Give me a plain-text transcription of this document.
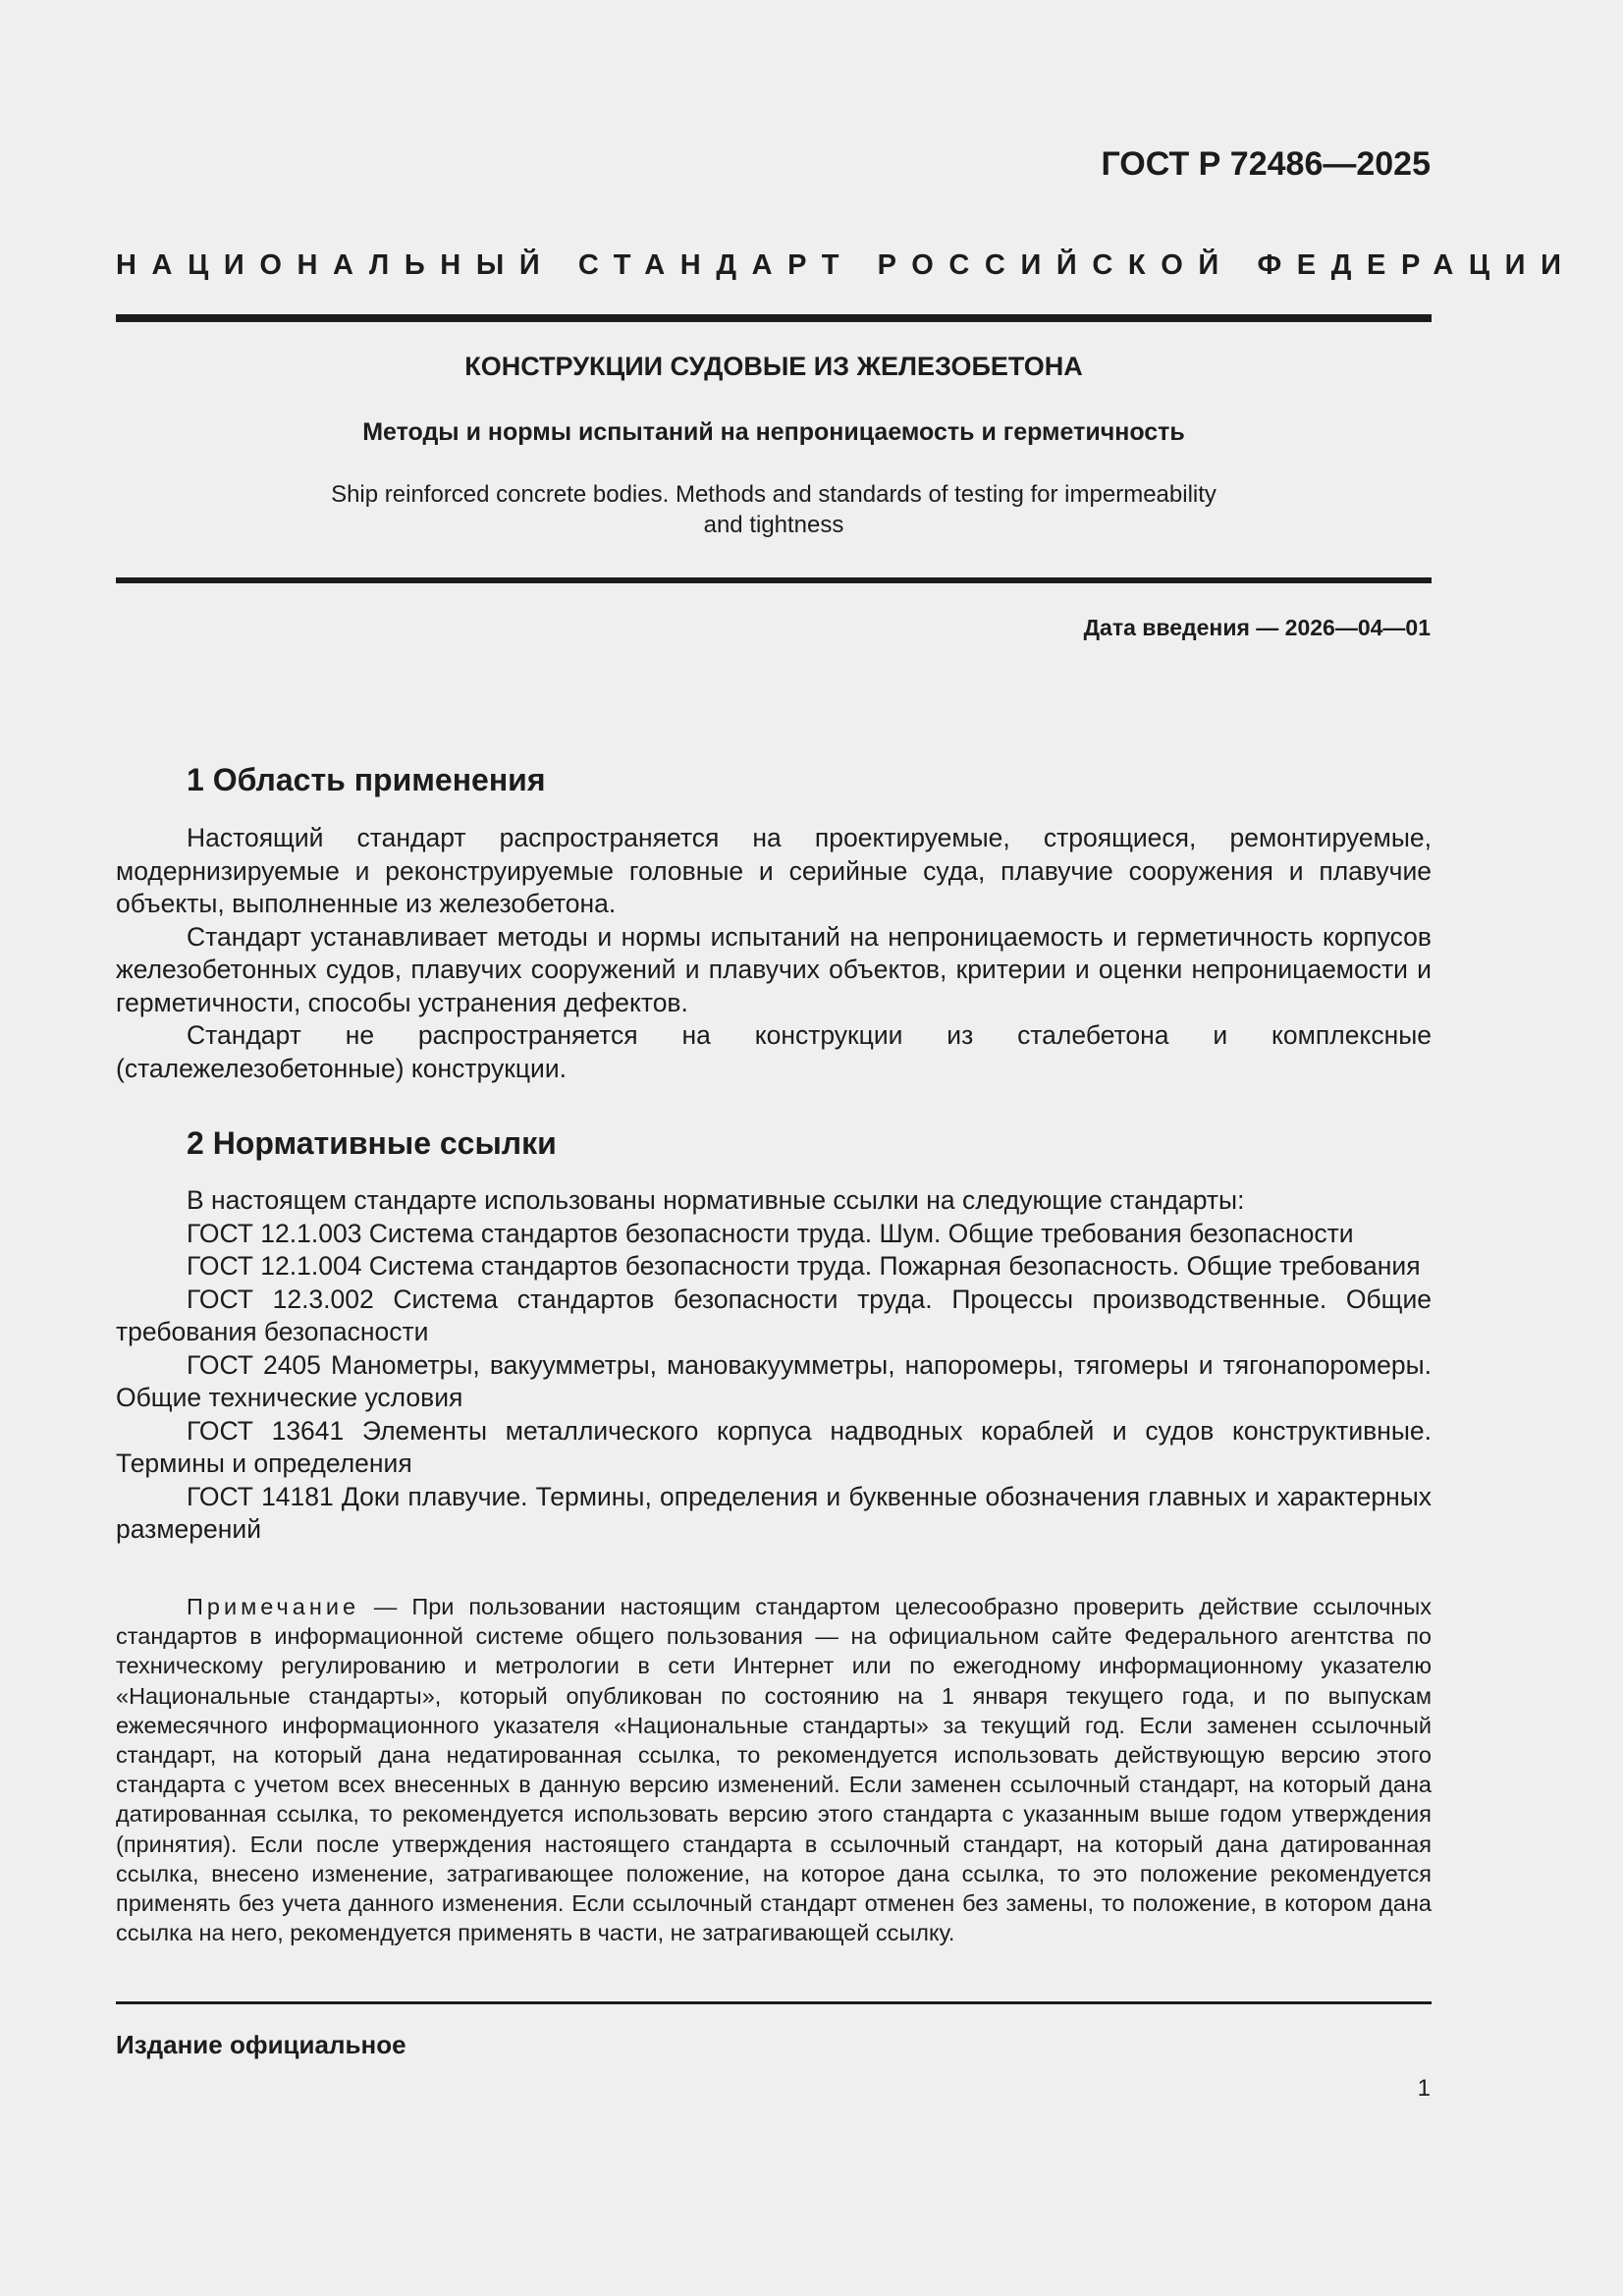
ГОСТ Р 72486—2025
НАЦИОНАЛЬНЫЙ СТАНДАРТ РОССИЙСКОЙ ФЕДЕРАЦИИ
КОНСТРУКЦИИ СУДОВЫЕ ИЗ ЖЕЛЕЗОБЕТОНА
Методы и нормы испытаний на непроницаемость и герметичность
Ship reinforced concrete bodies. Methods and standards of testing for impermeability
and tightness
Дата введения — 2026—04—01
1 Область применения

Настоящий стандарт распространяется на проектируемые, строящиеся, ремонтируемые, модернизируемые и реконструируемые головные и серийные суда, плавучие сооружения и плавучие объекты, выполненные из железобетона.

Стандарт устанавливает методы и нормы испытаний на непроницаемость и герметичность корпусов железобетонных судов, плавучих сооружений и плавучих объектов, критерии и оценки непроницаемости и герметичности, способы устранения дефектов.

Стандарт не распространяется на конструкции из сталебетона и комплексные (сталежелезобетонные) конструкции.

2 Нормативные ссылки

В настоящем стандарте использованы нормативные ссылки на следующие стандарты:

ГОСТ 12.1.003 Система стандартов безопасности труда. Шум. Общие требования безопасности

ГОСТ 12.1.004 Система стандартов безопасности труда. Пожарная безопасность. Общие требования

ГОСТ 12.3.002 Система стандартов безопасности труда. Процессы производственные. Общие требования безопасности

ГОСТ 2405 Манометры, вакуумметры, мановакуумметры, напоромеры, тягомеры и тягонапоромеры. Общие технические условия

ГОСТ 13641 Элементы металлического корпуса надводных кораблей и судов конструктивные. Термины и определения

ГОСТ 14181 Доки плавучие. Термины, определения и буквенные обозначения главных и характерных размерений

Примечание — При пользовании настоящим стандартом целесообразно проверить действие ссылочных стандартов в информационной системе общего пользования — на официальном сайте Федерального агентства по техническому регулированию и метрологии в сети Интернет или по ежегодному информационному указателю «Национальные стандарты», который опубликован по состоянию на 1 января текущего года, и по выпускам ежемесячного информационного указателя «Национальные стандарты» за текущий год. Если заменен ссылочный стандарт, на который дана недатированная ссылка, то рекомендуется использовать действующую версию этого стандарта с учетом всех внесенных в данную версию изменений. Если заменен ссылочный стандарт, на который дана датированная ссылка, то рекомендуется использовать версию этого стандарта с указанным выше годом утверждения (принятия). Если после утверждения настоящего стандарта в ссылочный стандарт, на который дана датированная ссылка, внесено изменение, затрагивающее положение, на которое дана ссылка, то это положение рекомендуется применять без учета данного изменения. Если ссылочный стандарт отменен без замены, то положение, в котором дана ссылка на него, рекомендуется применять в части, не затрагивающей ссылку.
Издание официальное
1
